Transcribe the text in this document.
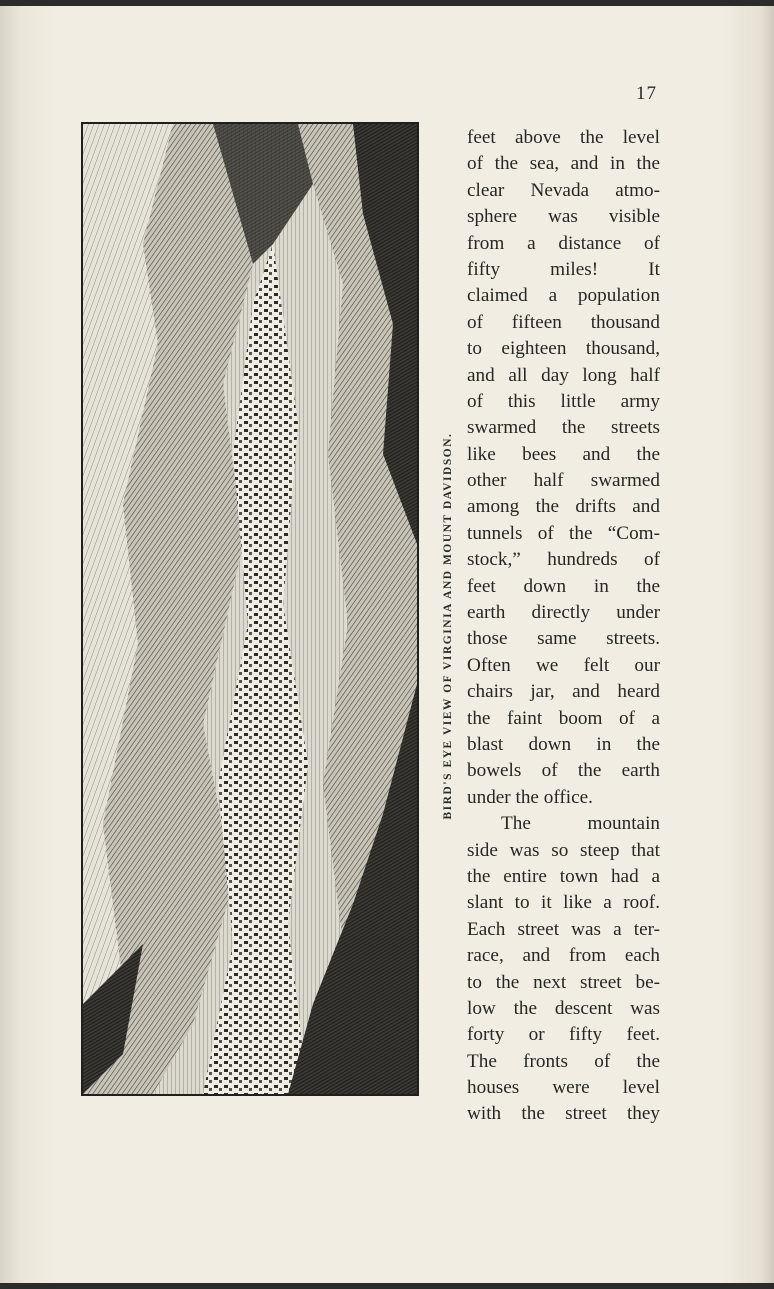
17
BIRD'S EYE VIEW OF VIRGINIA AND MOUNT DAVIDSON.
feet above the level
of the sea, and in the
clear Nevada atmo-
sphere was visible
from a distance of
fifty miles! It
claimed a population
of fifteen thousand
to eighteen thousand,
and all day long half
of this little army
swarmed the streets
like bees and the
other half swarmed
among the drifts and
tunnels of the “Com-
stock,” hundreds of
feet down in the
earth directly under
those same streets.
Often we felt our
chairs jar, and heard
the faint boom of a
blast down in the
bowels of the earth
under the office.
The mountain
side was so steep that
the entire town had a
slant to it like a roof.
Each street was a ter-
race, and from each
to the next street be-
low the descent was
forty or fifty feet.
The fronts of the
houses were level
with the street they
